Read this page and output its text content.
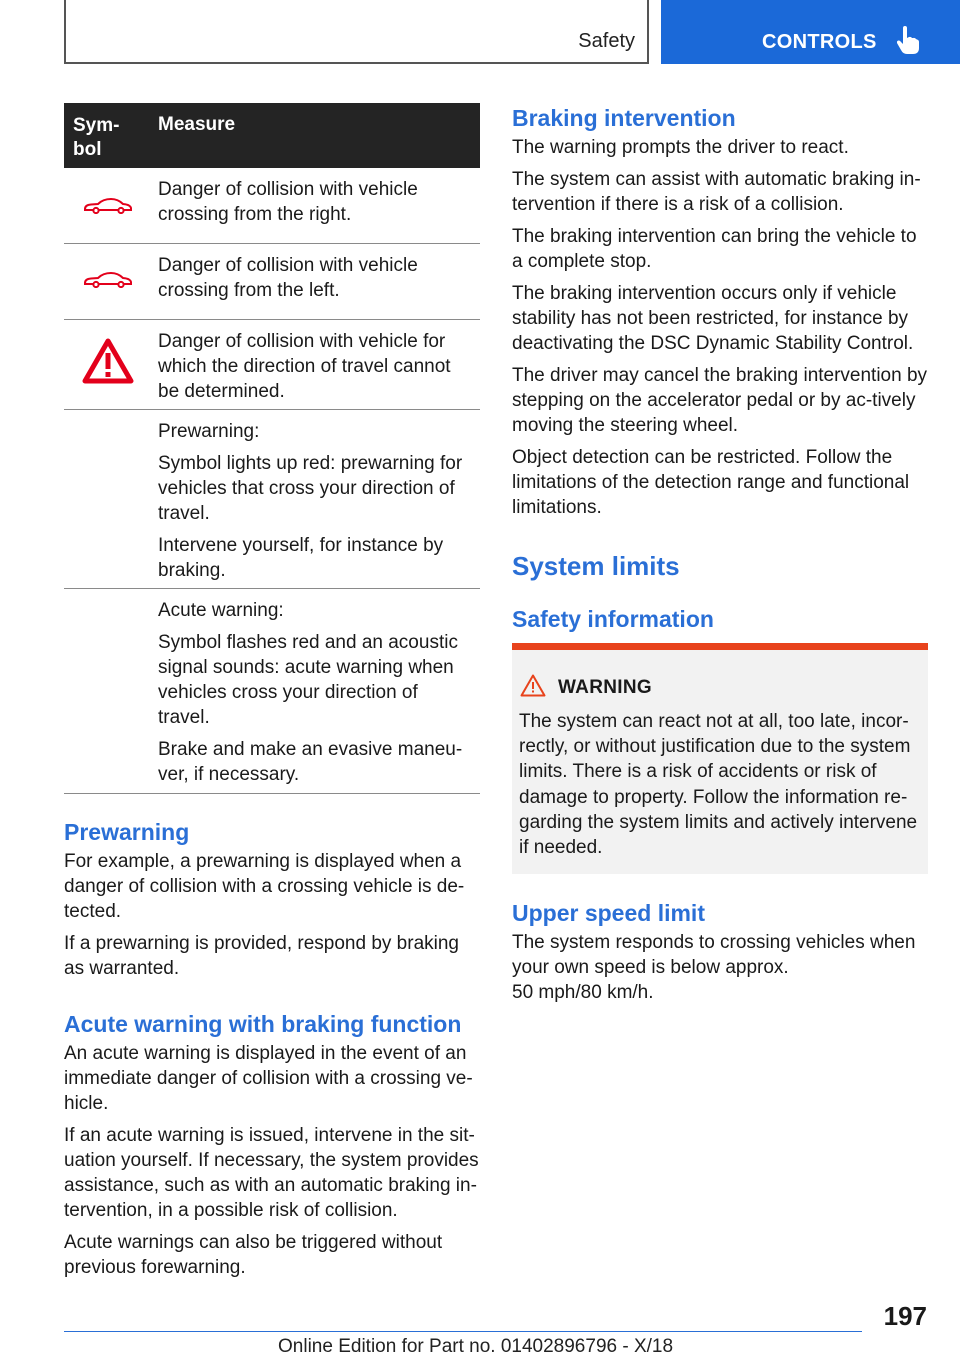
Safety	CONTROLS
Sym-
bol
Measure

Danger of collision with vehicle crossing from the right.

Danger of collision with vehicle crossing from the left.

Danger of collision with vehicle for which the direction of travel cannot be determined.

Prewarning:

Symbol lights up red: prewarning for vehicles that cross your direction of travel.

Intervene yourself, for instance by braking.

Acute warning:

Symbol flashes red and an acoustic signal sounds: acute warning when vehicles cross your direction of travel.

Brake and make an evasive maneu-ver, if necessary.

Prewarning

For example, a prewarning is displayed when a danger of collision with a crossing vehicle is de-tected.

If a prewarning is provided, respond by braking as warranted.

Acute warning with braking function

An acute warning is displayed in the event of an immediate danger of collision with a crossing ve-hicle.

If an acute warning is issued, intervene in the sit-uation yourself. If necessary, the system provides assistance, such as with an automatic braking in-tervention, in a possible risk of collision.

Acute warnings can also be triggered without previous forewarning.

Braking intervention

The warning prompts the driver to react.

The system can assist with automatic braking in-tervention if there is a risk of a collision.

The braking intervention can bring the vehicle to a complete stop.

The braking intervention occurs only if vehicle stability has not been restricted, for instance by deactivating the DSC Dynamic Stability Control.

The driver may cancel the braking intervention by stepping on the accelerator pedal or by ac-tively moving the steering wheel.

Object detection can be restricted. Follow the limitations of the detection range and functional limitations.

System limits
Safety information
WARNING

The system can react not at all, too late, incor-rectly, or without justification due to the system limits. There is a risk of accidents or risk of damage to property. Follow the information re-garding the system limits and actively intervene if needed.

Upper speed limit

The system responds to crossing vehicles when your own speed is below approx.

50 mph/80 km/h.

197
Online Edition for Part no. 01402896796 - X/18
